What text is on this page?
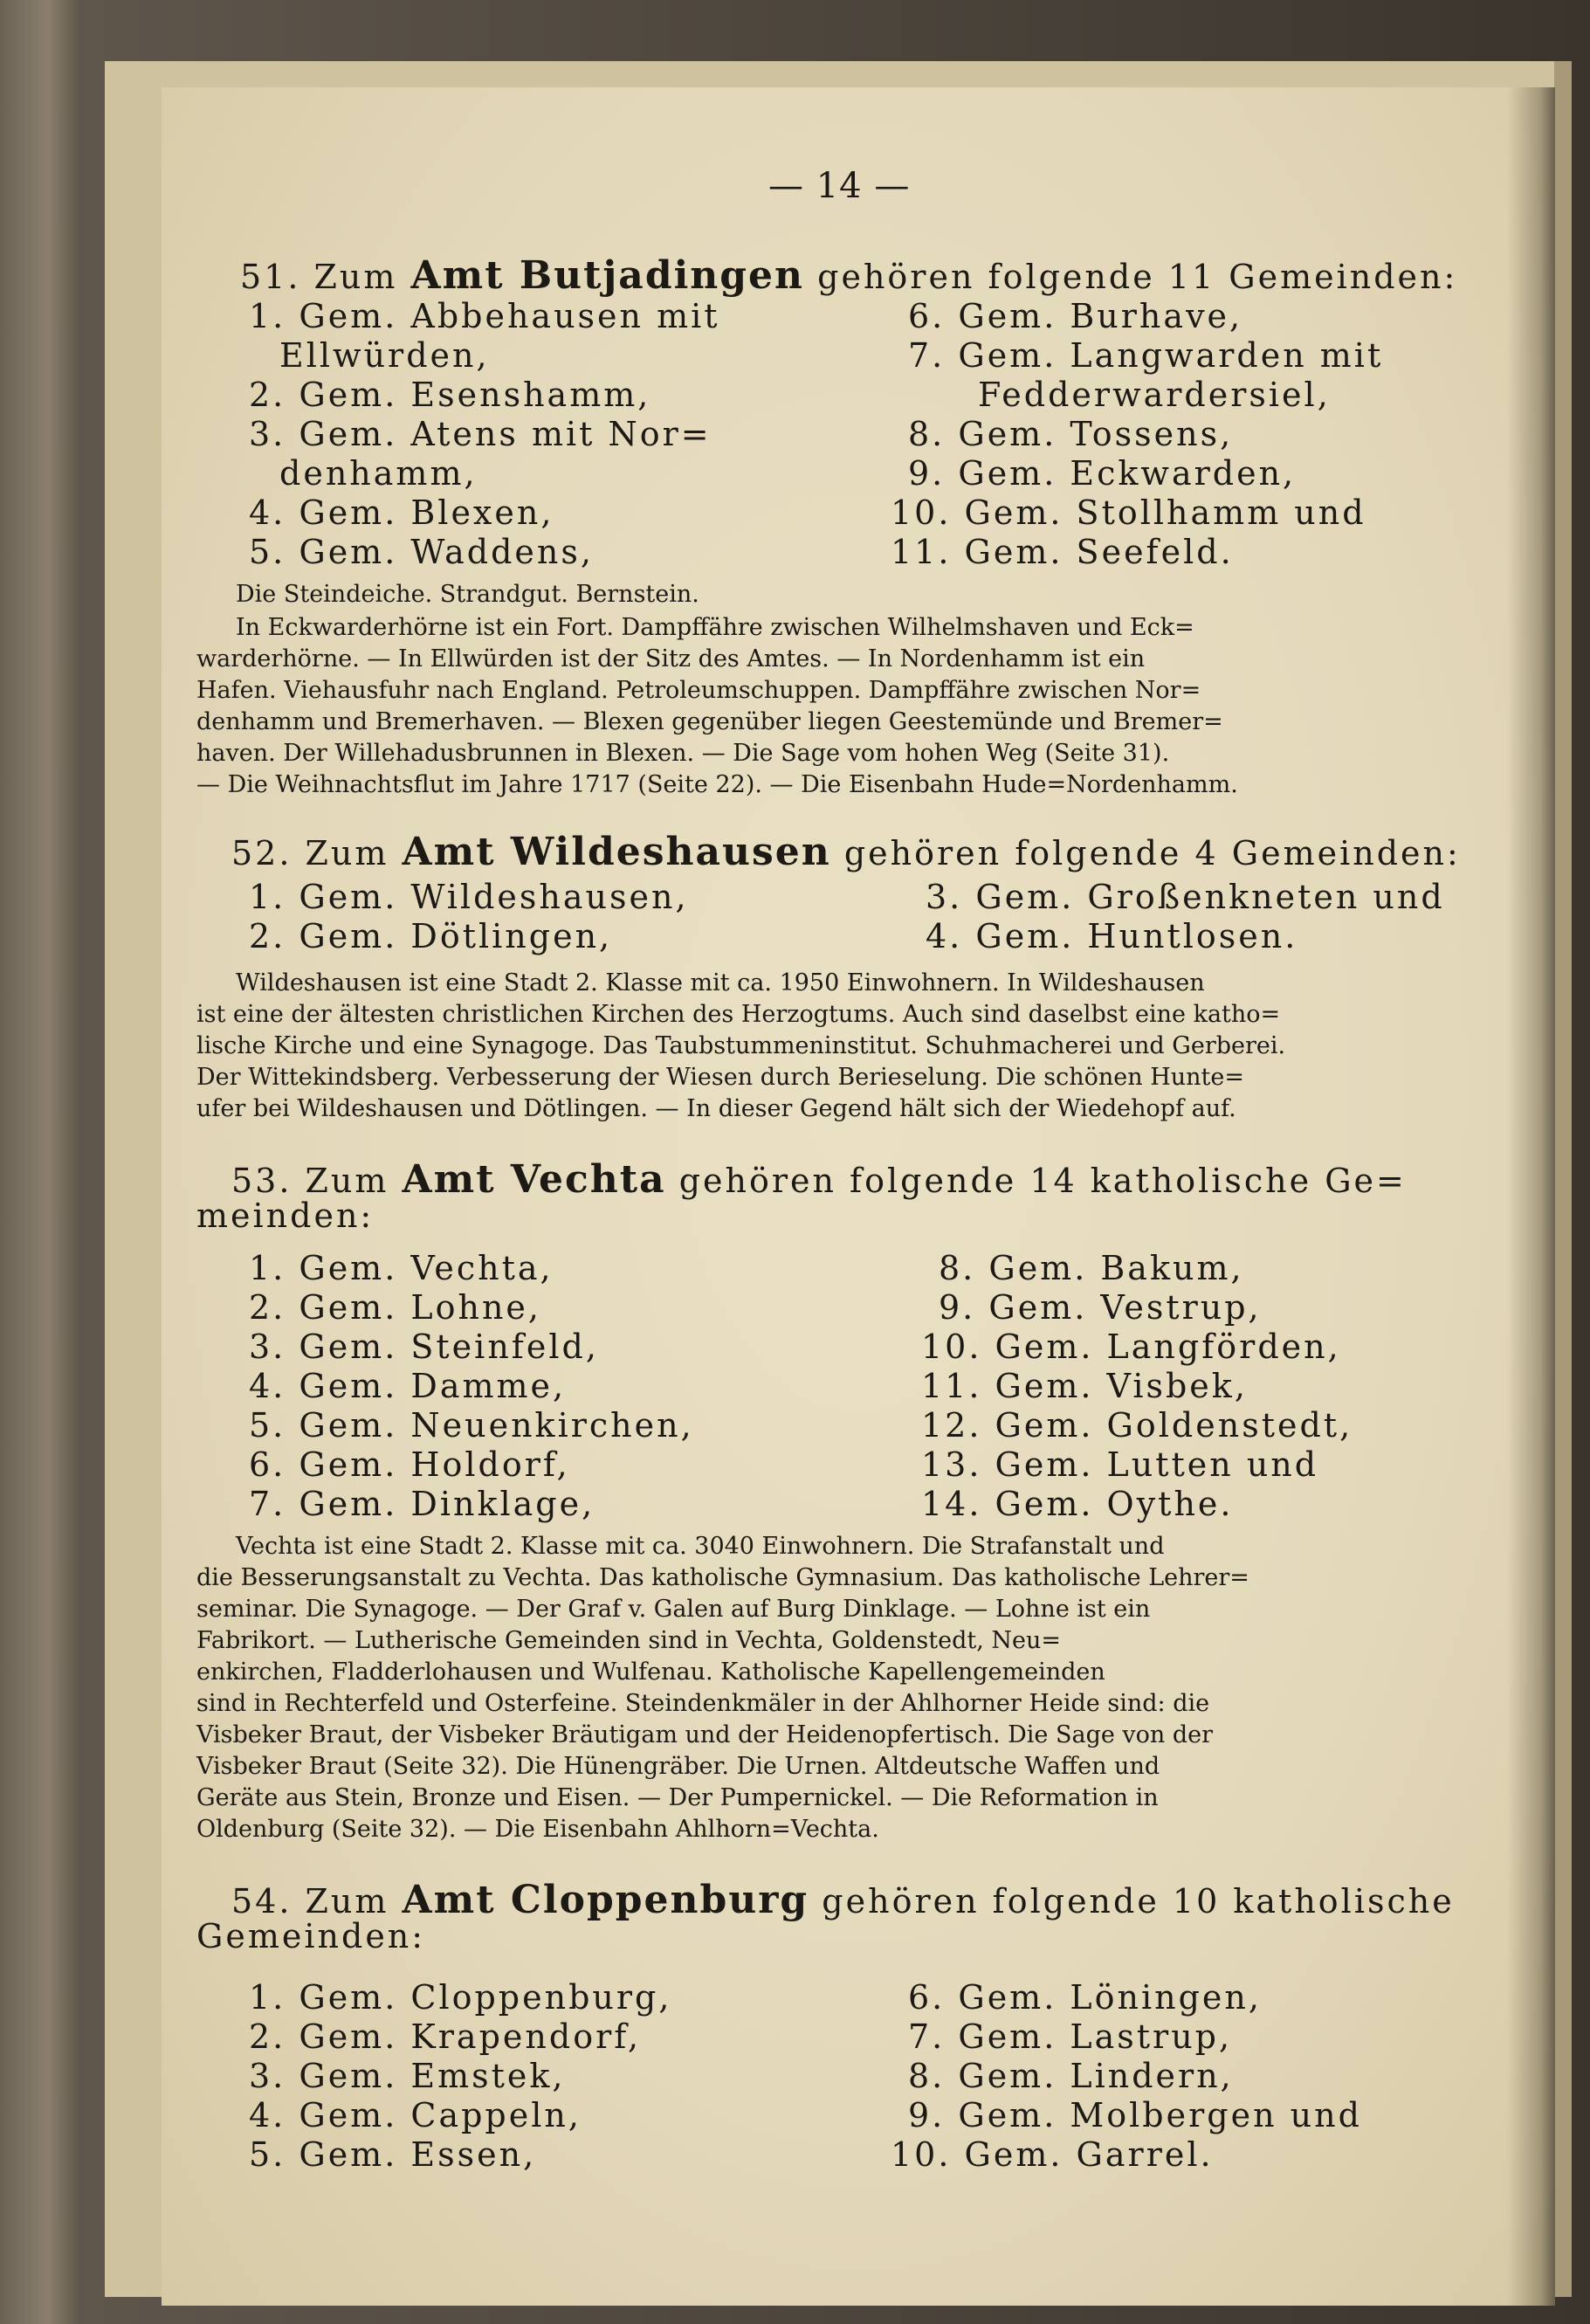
— 14 —
51. Zum Amt Butjadingen gehören folgende 11 Gemeinden:
1. Gem. Abbehausen mit
Ellwürden,
2. Gem. Esenshamm,
3. Gem. Atens mit Nor=
denhamm,
4. Gem. Blexen,
5. Gem. Waddens,
6. Gem. Burhave,
7. Gem. Langwarden mit
Fedderwardersiel,
8. Gem. Tossens,
9. Gem. Eckwarden,
10. Gem. Stollhamm und
11. Gem. Seefeld.
Die Steindeiche. Strandgut. Bernstein.
In Eckwarderhörne ist ein Fort. Dampffähre zwischen Wilhelmshaven und Eck=
warderhörne. — In Ellwürden ist der Sitz des Amtes. — In Nordenhamm ist ein
Hafen. Viehausfuhr nach England. Petroleumschuppen. Dampffähre zwischen Nor=
denhamm und Bremerhaven. — Blexen gegenüber liegen Geestemünde und Bremer=
haven. Der Willehadusbrunnen in Blexen. — Die Sage vom hohen Weg (Seite 31).
— Die Weihnachtsflut im Jahre 1717 (Seite 22). — Die Eisenbahn Hude=Nordenhamm.
52. Zum Amt Wildeshausen gehören folgende 4 Gemeinden:
1. Gem. Wildeshausen,
2. Gem. Dötlingen,
3. Gem. Großenkneten und
4. Gem. Huntlosen.
Wildeshausen ist eine Stadt 2. Klasse mit ca. 1950 Einwohnern. In Wildeshausen
ist eine der ältesten christlichen Kirchen des Herzogtums. Auch sind daselbst eine katho=
lische Kirche und eine Synagoge. Das Taubstummeninstitut. Schuhmacherei und Gerberei.
Der Wittekindsberg. Verbesserung der Wiesen durch Berieselung. Die schönen Hunte=
ufer bei Wildeshausen und Dötlingen. — In dieser Gegend hält sich der Wiedehopf auf.
53. Zum Amt Vechta gehören folgende 14 katholische Ge=
meinden:
1. Gem. Vechta,
2. Gem. Lohne,
3. Gem. Steinfeld,
4. Gem. Damme,
5. Gem. Neuenkirchen,
6. Gem. Holdorf,
7. Gem. Dinklage,
8. Gem. Bakum,
9. Gem. Vestrup,
10. Gem. Langförden,
11. Gem. Visbek,
12. Gem. Goldenstedt,
13. Gem. Lutten und
14. Gem. Oythe.
Vechta ist eine Stadt 2. Klasse mit ca. 3040 Einwohnern. Die Strafanstalt und
die Besserungsanstalt zu Vechta. Das katholische Gymnasium. Das katholische Lehrer=
seminar. Die Synagoge. — Der Graf v. Galen auf Burg Dinklage. — Lohne ist ein
Fabrikort. — Lutherische Gemeinden sind in Vechta, Goldenstedt, Neu=
enkirchen, Fladderlohausen und Wulfenau. Katholische Kapellengemeinden
sind in Rechterfeld und Osterfeine. Steindenkmäler in der Ahlhorner Heide sind: die
Visbeker Braut, der Visbeker Bräutigam und der Heidenopfertisch. Die Sage von der
Visbeker Braut (Seite 32). Die Hünengräber. Die Urnen. Altdeutsche Waffen und
Geräte aus Stein, Bronze und Eisen. — Der Pumpernickel. — Die Reformation in
Oldenburg (Seite 32). — Die Eisenbahn Ahlhorn=Vechta.
54. Zum Amt Cloppenburg gehören folgende 10 katholische
Gemeinden:
1. Gem. Cloppenburg,
2. Gem. Krapendorf,
3. Gem. Emstek,
4. Gem. Cappeln,
5. Gem. Essen,
6. Gem. Löningen,
7. Gem. Lastrup,
8. Gem. Lindern,
9. Gem. Molbergen und
10. Gem. Garrel.
